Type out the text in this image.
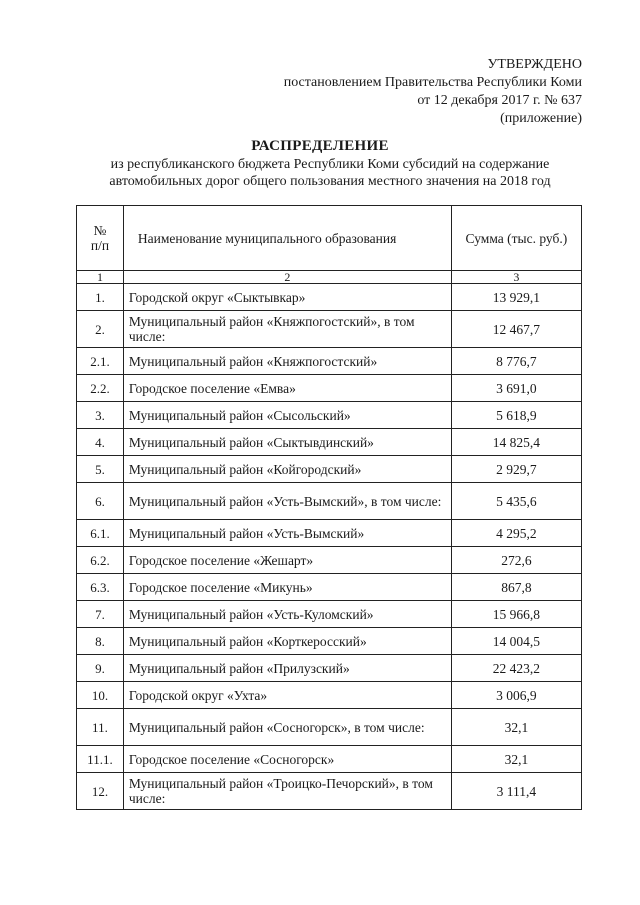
УТВЕРЖДЕНО
постановлением Правительства Республики Коми
от 12 декабря 2017 г. № 637
(приложение)
РАСПРЕДЕЛЕНИЕ
из республиканского бюджета Республики Коми субсидий на содержание
автомобильных дорог общего пользования местного значения на 2018 год
№
п/п	Наименование муниципального образования	Сумма (тыс. руб.)
1	2	3
1.	Городской округ «Сыктывкар»	13 929,1
2.	Муниципальный район «Княжпогостский», в том числе:	12 467,7
2.1.	Муниципальный район «Княжпогостский»	8 776,7
2.2.	Городское поселение «Емва»	3 691,0
3.	Муниципальный район «Сысольский»	5 618,9
4.	Муниципальный район «Сыктывдинский»	14 825,4
5.	Муниципальный район «Койгородский»	2 929,7
6.	Муниципальный район «Усть-Вымский», в том числе:	5 435,6
6.1.	Муниципальный район «Усть-Вымский»	4 295,2
6.2.	Городское поселение «Жешарт»	272,6
6.3.	Городское поселение «Микунь»	867,8
7.	Муниципальный район «Усть-Куломский»	15 966,8
8.	Муниципальный район «Корткеросский»	14 004,5
9.	Муниципальный район «Прилузский»	22 423,2
10.	Городской округ «Ухта»	3 006,9
11.	Муниципальный район «Сосногорск», в том числе:	32,1
11.1.	Городское поселение «Сосногорск»	32,1
12.	Муниципальный район «Троицко-Печорский», в том числе:	3 111,4
